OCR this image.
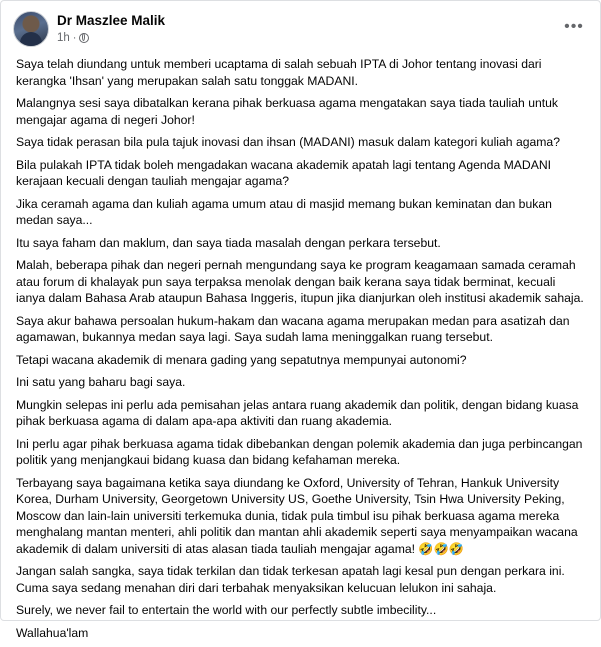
Dr Maszlee Malik
1h ·
•••

Saya telah diundang untuk memberi ucaptama di salah sebuah IPTA di Johor tentang inovasi dari kerangka 'Ihsan' yang merupakan salah satu tonggak MADANI.

Malangnya sesi saya dibatalkan kerana pihak berkuasa agama mengatakan saya tiada tauliah untuk mengajar agama di negeri Johor!

Saya tidak perasan bila pula tajuk inovasi dan ihsan (MADANI) masuk dalam kategori kuliah agama?

Bila pulakah IPTA tidak boleh mengadakan wacana akademik apatah lagi tentang Agenda MADANI kerajaan kecuali dengan tauliah mengajar agama?

Jika ceramah agama dan kuliah agama umum atau di masjid memang bukan keminatan dan bukan medan saya...

Itu saya faham dan maklum, dan saya tiada masalah dengan perkara tersebut.

Malah, beberapa pihak dan negeri pernah mengundang saya ke program keagamaan samada ceramah atau forum di khalayak pun saya terpaksa menolak dengan baik kerana saya tidak berminat, kecuali ianya dalam Bahasa Arab ataupun Bahasa Inggeris, itupun jika dianjurkan oleh institusi akademik sahaja.

Saya akur bahawa persoalan hukum-hakam dan wacana agama merupakan medan para asatizah dan agamawan, bukannya medan saya lagi. Saya sudah lama meninggalkan ruang tersebut.

Tetapi wacana akademik di menara gading yang sepatutnya mempunyai autonomi?

Ini satu yang baharu bagi saya.

Mungkin selepas ini perlu ada pemisahan jelas antara ruang akademik dan politik, dengan bidang kuasa pihak berkuasa agama di dalam apa-apa aktiviti dan ruang akademia.

Ini perlu agar pihak berkuasa agama tidak dibebankan dengan polemik akademia dan juga perbincangan politik yang menjangkaui bidang kuasa dan bidang kefahaman mereka.

Terbayang saya bagaimana ketika saya diundang ke Oxford, University of Tehran, Hankuk University Korea, Durham University, Georgetown University US, Goethe University, Tsin Hwa University Peking, Moscow dan lain-lain universiti terkemuka dunia, tidak pula timbul isu pihak berkuasa agama mereka menghalang mantan menteri, ahli politik dan mantan ahli akademik seperti saya menyampaikan wacana akademik di dalam universiti di atas alasan tiada tauliah mengajar agama! 🤣🤣🤣

Jangan salah sangka, saya tidak terkilan dan tidak terkesan apatah lagi kesal pun dengan perkara ini. Cuma saya sedang menahan diri dari terbahak menyaksikan kelucuan lelukon ini sahaja.

Surely, we never fail to entertain the world with our perfectly subtle imbecility...

Wallahua'lam
